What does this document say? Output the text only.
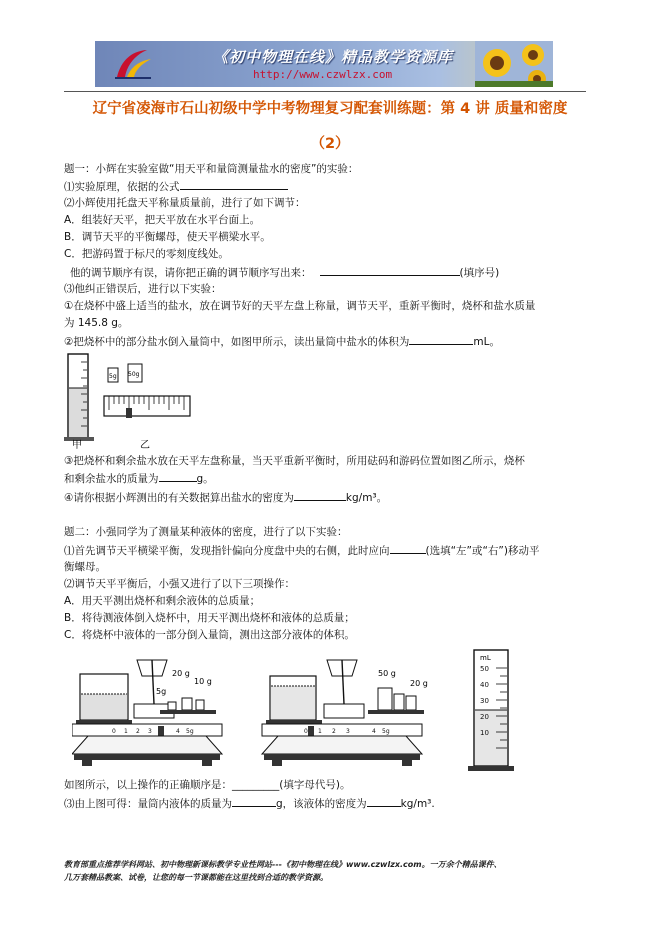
《初中物理在线》精品教学资源库
http://www.czwlzx.com
辽宁省凌海市石山初级中学中考物理复习配套训练题：第 4 讲 质量和密度
（2）
题一：小辉在实验室做“用天平和量筒测量盐水的密度”的实验：
⑴实验原理，依据的公式
⑵小辉使用托盘天平称量质量前，进行了如下调节：
A．组装好天平，把天平放在水平台面上。
B．调节天平的平衡螺母，使天平横梁水平。
C．把游码置于标尺的零刻度线处。
他的调节顺序有误，请你把正确的调节顺序写出来：	(填序号)
⑶他纠正错误后，进行以下实验：
①在烧杯中盛上适当的盐水，放在调节好的天平左盘上称量，调节天平，重新平衡时，烧杯和盐水质量
为 145.8 g。
②把烧杯中的部分盐水倒入量筒中，如图甲所示，读出量筒中盐水的体积为	mL。
5g 50g
甲	乙
③把烧杯和剩余盐水放在天平左盘称量，当天平重新平衡时，所用砝码和游码位置如图乙所示，烧杯
和剩余盐水的质量为	g。
④请你根据小辉测出的有关数据算出盐水的密度为	kg/m³。
题二：小强同学为了测量某种液体的密度，进行了以下实验：
⑴首先调节天平横梁平衡，发现指针偏向分度盘中央的右侧，此时应向	(选填“左”或“右”)移动平
衡螺母。
⑵调节天平平衡后，小强又进行了以下三项操作：
A．用天平测出烧杯和剩余液体的总质量；
B．将待测液体倒入烧杯中，用天平测出烧杯和液体的总质量；
C．将烧杯中液体的一部分倒入量筒，测出这部分液体的体积。
20 g
10 g
5g
0 1 2 3	4 5g
50 g
20 g
0 1 2 3	4 5g
mL
50
40
30
20
10
如图所示，以上操作的正确顺序是：_________(填字母代号)。
⑶由上图可得：量筒内液体的质量为	g，该液体的密度为	kg/m³.
教育部重点推荐学科网站、初中物理新课标教学专业性网站---《初中物理在线》www.czwlzx.com。一万余个精品课件、
几万套精品教案、试卷，让您的每一节课都能在这里找到合适的教学资源。
